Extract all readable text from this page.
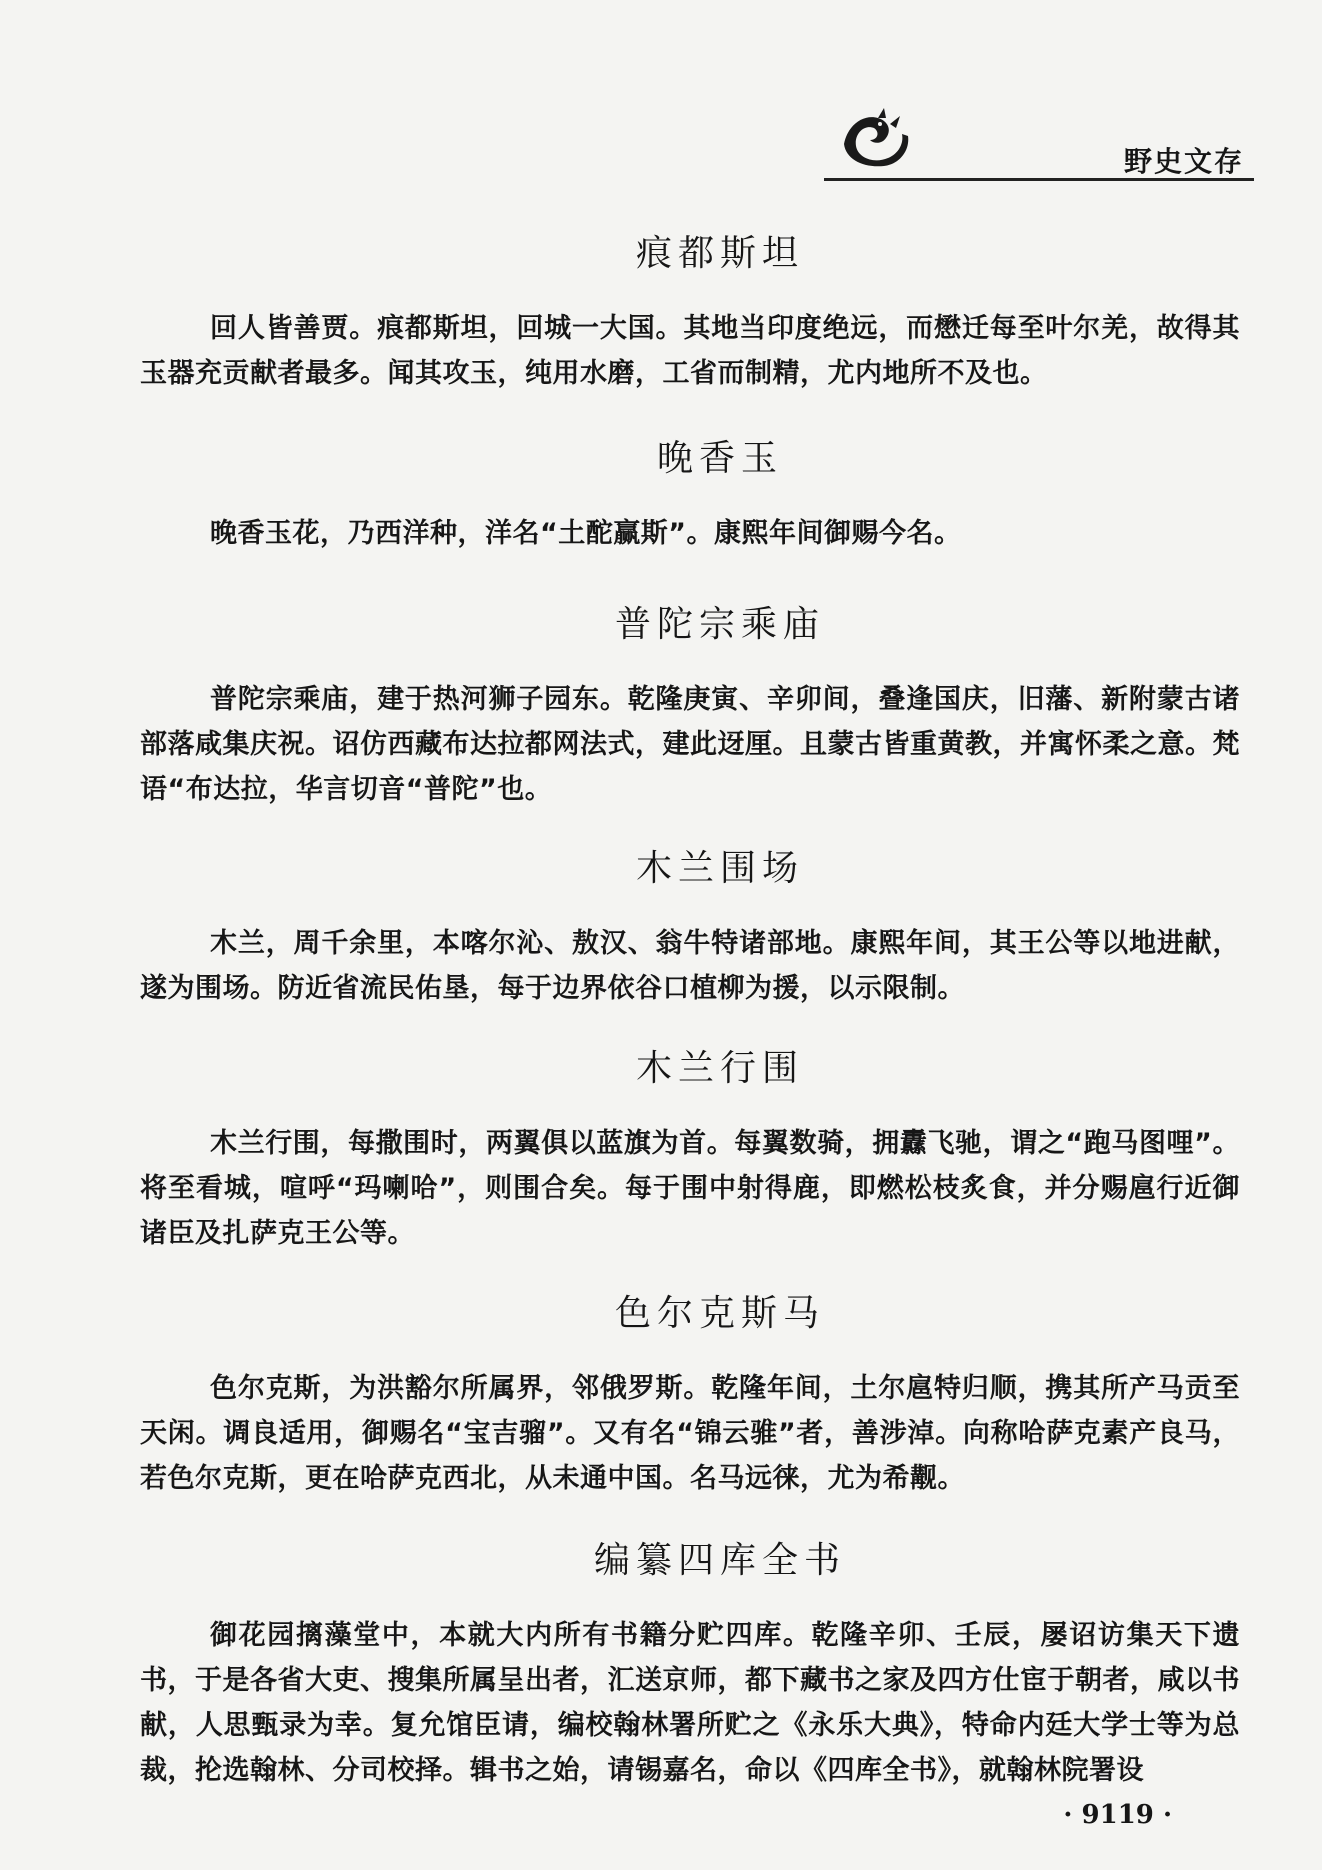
野史文存
痕都斯坦

回人皆善贾。痕都斯坦，回城一大国。其地当印度绝远，而懋迁每至叶尔羌，故得其玉器充贡献者最多。闻其攻玉，纯用水磨，工省而制精，尤内地所不及也。

晚香玉

晚香玉花，乃西洋种，洋名“土酡赢斯”。康熙年间御赐今名。

普陀宗乘庙

普陀宗乘庙，建于热河狮子园东。乾隆庚寅、辛卯间，叠逢国庆，旧藩、新附蒙古诸部落咸集庆祝。诏仿西藏布达拉都网法式，建此迓厘。且蒙古皆重黄教，并寓怀柔之意。梵语“布达拉，华言切音“普陀”也。

木兰围场

木兰，周千余里，本喀尔沁、敖汉、翁牛特诸部地。康熙年间，其王公等以地进献，遂为围场。防近省流民佑垦，每于边界依谷口植柳为援，以示限制。

木兰行围

木兰行围，每撒围时，两翼俱以蓝旗为首。每翼数骑，拥纛飞驰，谓之“跑马图哩”。将至看城，喧呼“玛喇哈”，则围合矣。每于围中射得鹿，即燃松枝炙食，并分赐扈行近御诸臣及扎萨克王公等。

色尔克斯马

色尔克斯，为洪豁尔所属界，邻俄罗斯。乾隆年间，土尔扈特归顺，携其所产马贡至天闲。调良适用，御赐名“宝吉骝”。又有名“锦云骓”者，善涉淖。向称哈萨克素产良马，若色尔克斯，更在哈萨克西北，从未通中国。名马远徕，尤为希觏。

编纂四库全书

御花园摛藻堂中，本就大内所有书籍分贮四库。乾隆辛卯、壬辰，屡诏访集天下遗书，于是各省大吏、搜集所属呈出者，汇送京师，都下藏书之家及四方仕宦于朝者，咸以书献，人思甄录为幸。复允馆臣请，编校翰林署所贮之《永乐大典》，特命内廷大学士等为总裁，抡选翰林、分司校择。辑书之始，请锡嘉名，命以《四库全书》，就翰林院署设

· 9119 ·
